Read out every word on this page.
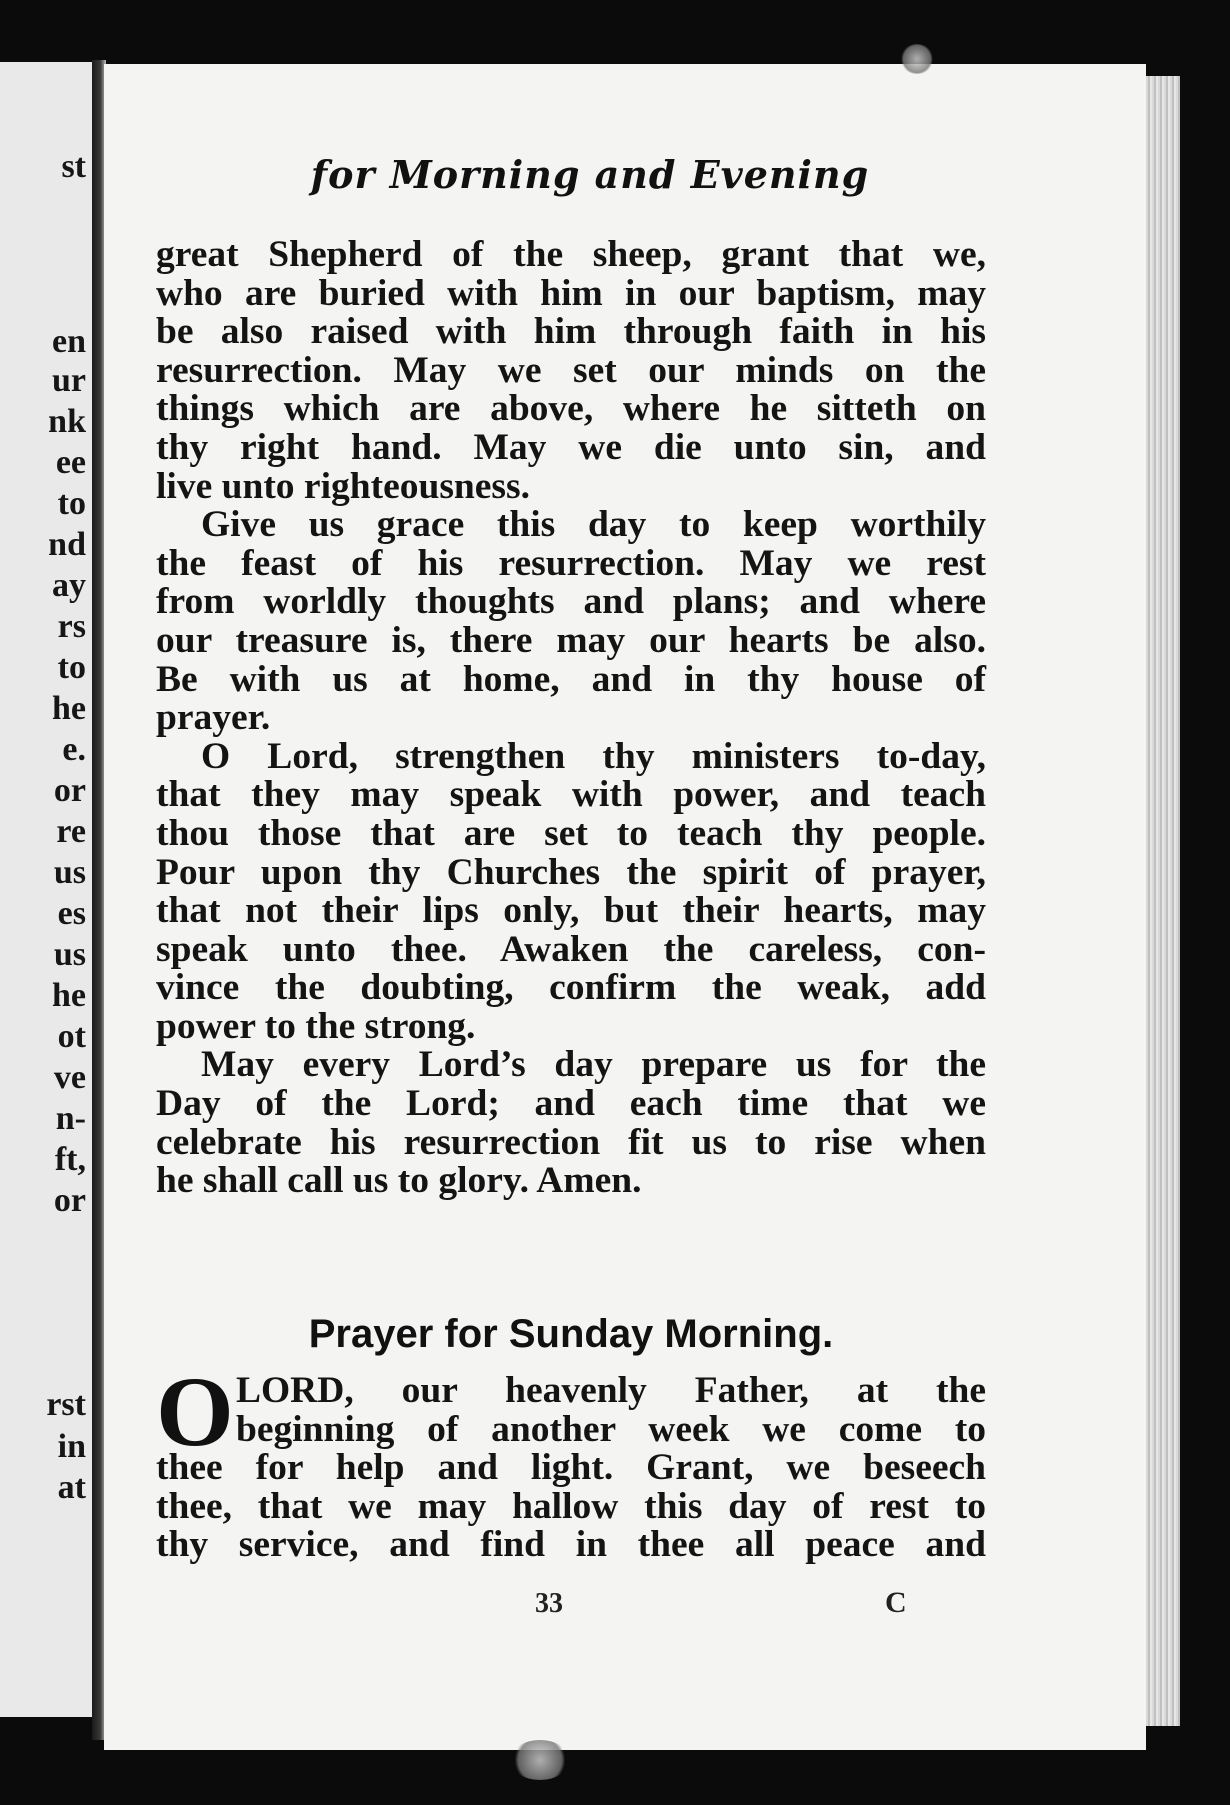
st
en
ur
nk
ee
to
nd
ay
rs
to
he
e.
or
re
us
es
us
he
ot
ve
n-
ft,
or
rst
in
at
for Morning and Evening
great Shepherd of the sheep, grant that we,
who are buried with him in our baptism, may
be also raised with him through faith in his
resurrection. May we set our minds on the
things which are above, where he sitteth on
thy right hand. May we die unto sin, and
live unto righteousness.
Give us grace this day to keep worthily
the feast of his resurrection. May we rest
from worldly thoughts and plans; and where
our treasure is, there may our hearts be also.
Be with us at home, and in thy house of
prayer.
O Lord, strengthen thy ministers to-day,
that they may speak with power, and teach
thou those that are set to teach thy people.
Pour upon thy Churches the spirit of prayer,
that not their lips only, but their hearts, may
speak unto thee. Awaken the careless, con-
vince the doubting, confirm the weak, add
power to the strong.
May every Lord’s day prepare us for the
Day of the Lord; and each time that we
celebrate his resurrection fit us to rise when
he shall call us to glory. Amen.
Prayer for Sunday Morning.
O LORD, our heavenly Father, at the
beginning of another week we come to
thee for help and light. Grant, we beseech
thee, that we may hallow this day of rest to
thy service, and find in thee all peace and
33	C
